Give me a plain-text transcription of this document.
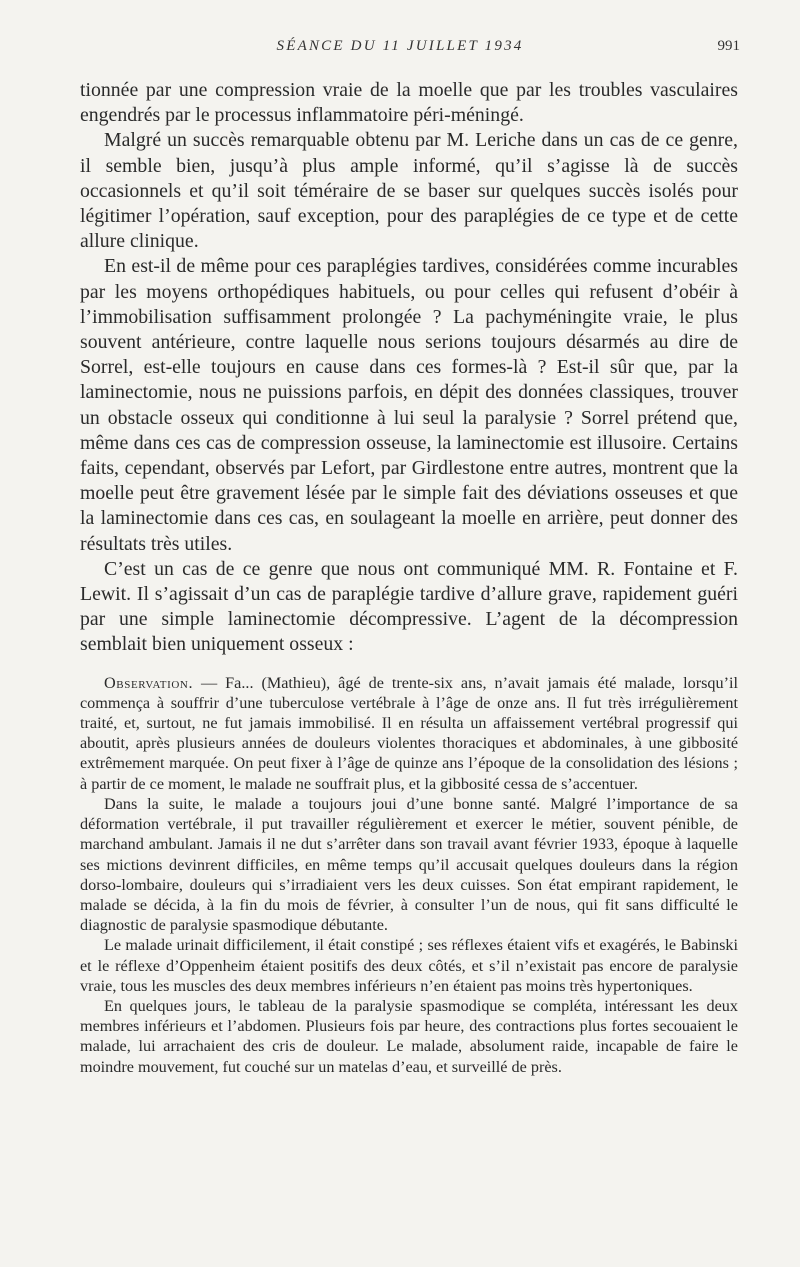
SÉANCE DU 11 JUILLET 1934	991

tionnée par une compression vraie de la moelle que par les troubles vasculaires engendrés par le processus inflammatoire péri-méningé.

Malgré un succès remarquable obtenu par M. Leriche dans un cas de ce genre, il semble bien, jusqu’à plus ample informé, qu’il s’agisse là de succès occasionnels et qu’il soit téméraire de se baser sur quelques succès isolés pour légitimer l’opération, sauf exception, pour des paraplégies de ce type et de cette allure clinique.

En est-il de même pour ces paraplégies tardives, considérées comme incurables par les moyens orthopédiques habituels, ou pour celles qui refusent d’obéir à l’immobilisation suffisamment prolongée ? La pachyméningite vraie, le plus souvent antérieure, contre laquelle nous serions toujours désarmés au dire de Sorrel, est-elle toujours en cause dans ces formes-là ? Est-il sûr que, par la laminectomie, nous ne puissions parfois, en dépit des données classiques, trouver un obstacle osseux qui conditionne à lui seul la paralysie ? Sorrel prétend que, même dans ces cas de compression osseuse, la laminectomie est illusoire. Certains faits, cependant, observés par Lefort, par Girdlestone entre autres, montrent que la moelle peut être gravement lésée par le simple fait des déviations osseuses et que la laminectomie dans ces cas, en soulageant la moelle en arrière, peut donner des résultats très utiles.

C’est un cas de ce genre que nous ont communiqué MM. R. Fontaine et F. Lewit. Il s’agissait d’un cas de paraplégie tardive d’allure grave, rapidement guéri par une simple laminectomie décompressive. L’agent de la décompression semblait bien uniquement osseux :

Observation. — Fa... (Mathieu), âgé de trente-six ans, n’avait jamais été malade, lorsqu’il commença à souffrir d’une tuberculose vertébrale à l’âge de onze ans. Il fut très irrégulièrement traité, et, surtout, ne fut jamais immobilisé. Il en résulta un affaissement vertébral progressif qui aboutit, après plusieurs années de douleurs violentes thoraciques et abdominales, à une gibbosité extrêmement marquée. On peut fixer à l’âge de quinze ans l’époque de la consolidation des lésions ; à partir de ce moment, le malade ne souffrait plus, et la gibbosité cessa de s’accentuer.

Dans la suite, le malade a toujours joui d’une bonne santé. Malgré l’importance de sa déformation vertébrale, il put travailler régulièrement et exercer le métier, souvent pénible, de marchand ambulant. Jamais il ne dut s’arrêter dans son travail avant février 1933, époque à laquelle ses mictions devinrent difficiles, en même temps qu’il accusait quelques douleurs dans la région dorso-lombaire, douleurs qui s’irradiaient vers les deux cuisses. Son état empirant rapidement, le malade se décida, à la fin du mois de février, à consulter l’un de nous, qui fit sans difficulté le diagnostic de paralysie spasmodique débutante.

Le malade urinait difficilement, il était constipé ; ses réflexes étaient vifs et exagérés, le Babinski et le réflexe d’Oppenheim étaient positifs des deux côtés, et s’il n’existait pas encore de paralysie vraie, tous les muscles des deux membres inférieurs n’en étaient pas moins très hypertoniques.

En quelques jours, le tableau de la paralysie spasmodique se compléta, intéressant les deux membres inférieurs et l’abdomen. Plusieurs fois par heure, des contractions plus fortes secouaient le malade, lui arrachaient des cris de douleur. Le malade, absolument raide, incapable de faire le moindre mouvement, fut couché sur un matelas d’eau, et surveillé de près.
